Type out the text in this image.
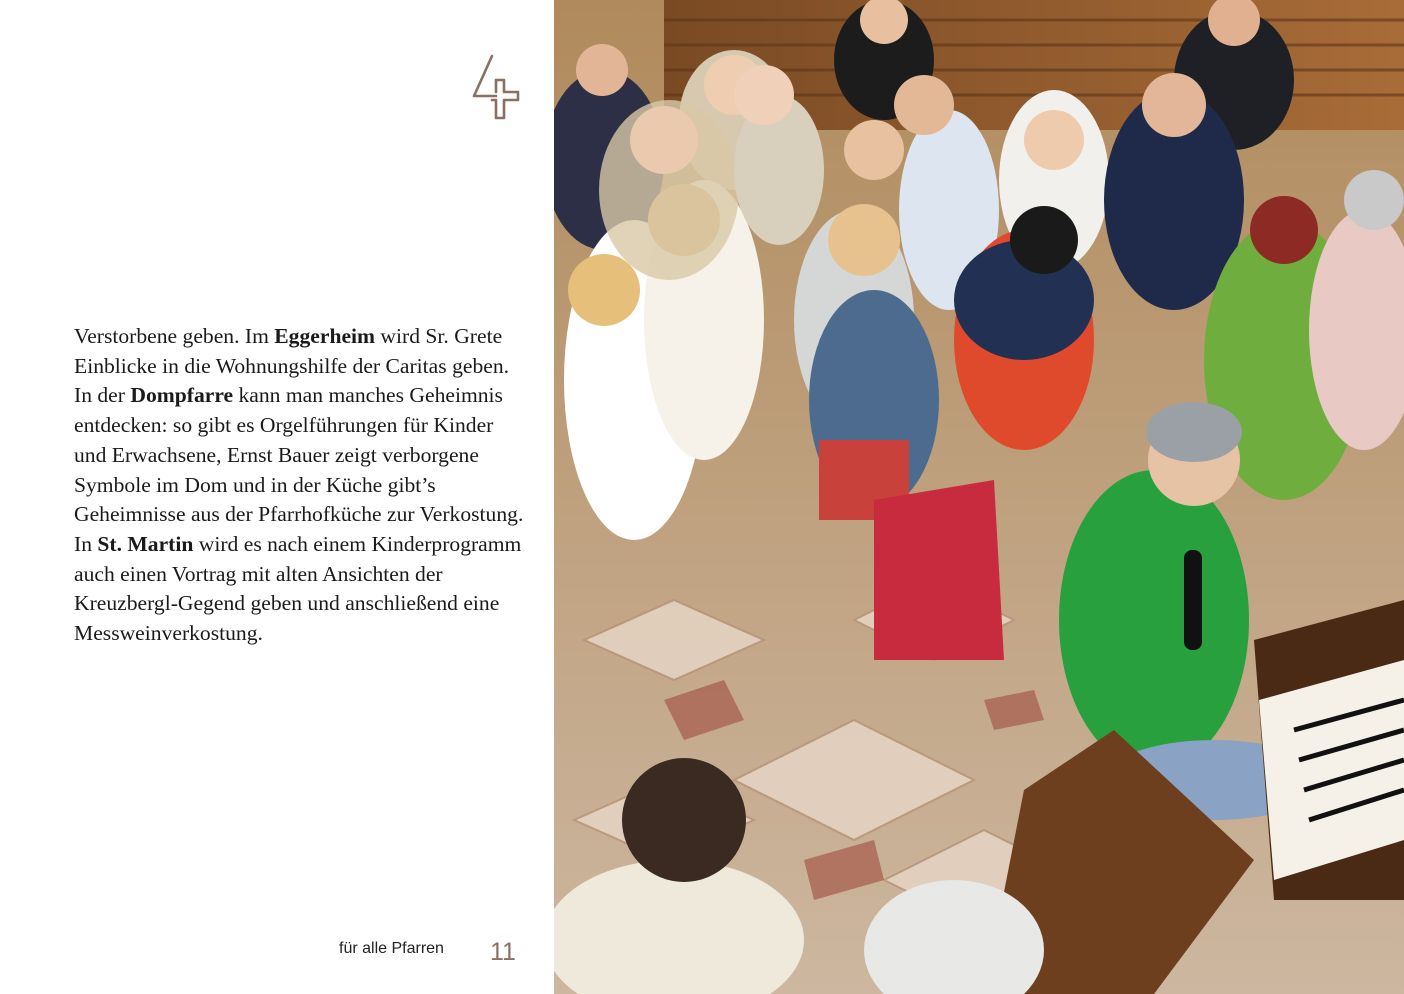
Verstorbene geben. Im Eggerheim wird Sr. Grete Einblicke in die Wohnungshilfe der Caritas geben.

In der Dompfarre kann man manches Geheimnis entdecken: so gibt es Orgelführungen für Kinder und Erwachsene, Ernst Bauer zeigt verborgene Symbole im Dom und in der Küche gibt’s Geheimnisse aus der Pfarrhofküche zur Verkostung.

In St. Martin wird es nach einem Kinderprogramm auch einen Vortrag mit alten Ansichten der Kreuzbergl-Gegend geben und anschließend eine Messweinverkostung.

für alle Pfarren 11
